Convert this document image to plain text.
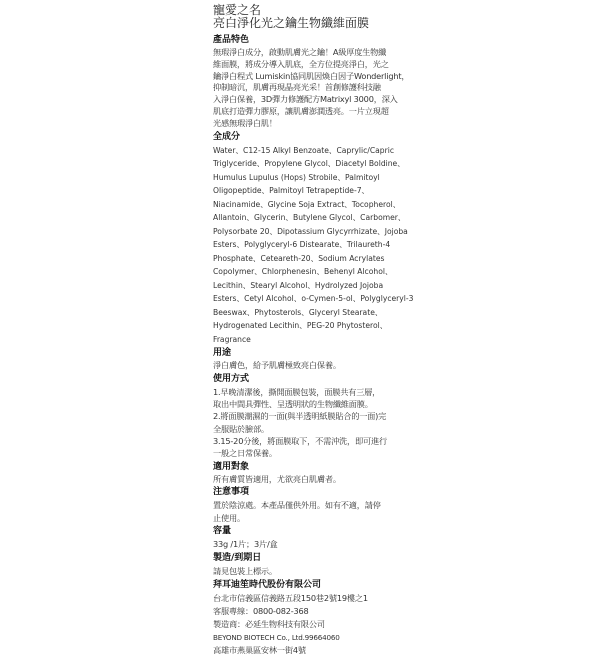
寵愛之名
亮白淨化光之鑰生物纖維面膜
產品特色
無瑕淨白成分，啟動肌膚光之鑰！A級厚度生物纖
維面膜，將成分導入肌底，全方位提亮淨白，光之
鑰淨白程式 Lumiskin協同肌因煥白因子Wonderlight，
抑制暗沉，肌膚再現晶亮光采！首創修護科技融
入淨白保養，3D彈力修護配方Matrixyl 3000，深入
肌底打造彈力膠原，讓肌膚澎潤透亮。一片立現超
光感無瑕淨白肌！
全成分
Water、C12-15 Alkyl Benzoate、Caprylic/Capric
Triglyceride、Propylene Glycol、Diacetyl Boldine、
Humulus Lupulus (Hops) Strobile、Palmitoyl
Oligopeptide、Palmitoyl Tetrapeptide-7、
Niacinamide、Glycine Soja Extract、Tocopherol、
Allantoin、Glycerin、Butylene Glycol、Carbomer、
Polysorbate 20、Dipotassium Glycyrrhizate、Jojoba
Esters、Polyglyceryl-6 Distearate、Trilaureth-4
Phosphate、Ceteareth-20、Sodium Acrylates
Copolymer、Chlorphenesin、Behenyl Alcohol、
Lecithin、Stearyl Alcohol、Hydrolyzed Jojoba
Esters、Cetyl Alcohol、o-Cymen-5-ol、Polyglyceryl-3
Beeswax、Phytosterols、Glyceryl Stearate、
Hydrogenated Lecithin、PEG-20 Phytosterol、
Fragrance
用途
淨白膚色，給予肌膚極致亮白保養。
使用方式
1.早晚清潔後，撕開面膜包裝，面膜共有三層，
取出中間具彈性、呈透明狀的生物纖維面膜。
2.將面膜潮濕的一面(與半透明紙膜貼合的一面)完
全服貼於臉部。
3.15-20分後，將面膜取下，不需沖洗，即可進行
一般之日常保養。
適用對象
所有膚質皆適用，尤欲亮白肌膚者。
注意事項
置於陰涼處。本產品僅供外用。如有不適，請停
止使用。
容量
33g /1片；3片/盒
製造/到期日
請見包裝上標示。
拜耳迪笙時代股份有限公司
台北市信義區信義路五段150巷2號19樓之1
客服專線：0800-082-368
製造商：必延生物科技有限公司
BEYOND BIOTECH Co., Ltd.99664060
高雄市燕巢區安林一街4號
